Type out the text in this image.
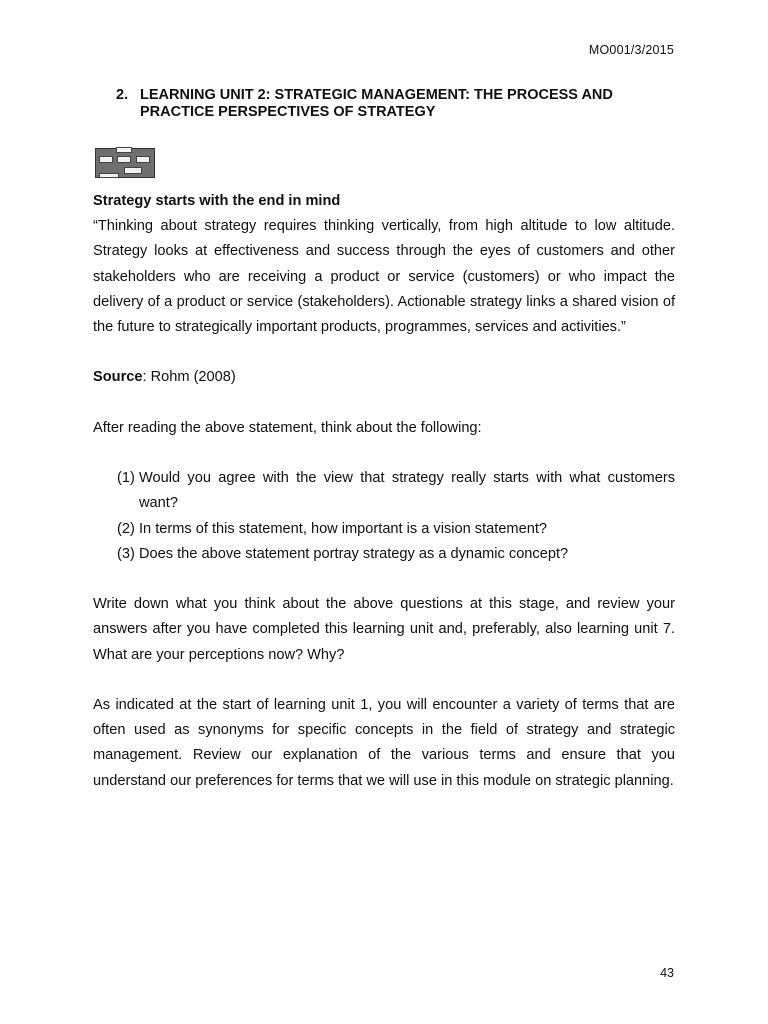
MO001/3/2015
2. LEARNING UNIT 2: STRATEGIC MANAGEMENT: THE PROCESS AND PRACTICE PERSPECTIVES OF STRATEGY

Strategy starts with the end in mind

“Thinking about strategy requires thinking vertically, from high altitude to low altitude. Strategy looks at effectiveness and success through the eyes of customers and other stakeholders who are receiving a product or service (customers) or who impact the delivery of a product or service (stakeholders). Actionable strategy links a shared vision of the future to strategically important products, programmes, services and activities.”

Source: Rohm (2008)

After reading the above statement, think about the following:

(1) Would you agree with the view that strategy really starts with what customers want?
(2) In terms of this statement, how important is a vision statement?
(3) Does the above statement portray strategy as a dynamic concept?

Write down what you think about the above questions at this stage, and review your answers after you have completed this learning unit and, preferably, also learning unit 7. What are your perceptions now? Why?

As indicated at the start of learning unit 1, you will encounter a variety of terms that are often used as synonyms for specific concepts in the field of strategy and strategic management. Review our explanation of the various terms and ensure that you understand our preferences for terms that we will use in this module on strategic planning.

43
